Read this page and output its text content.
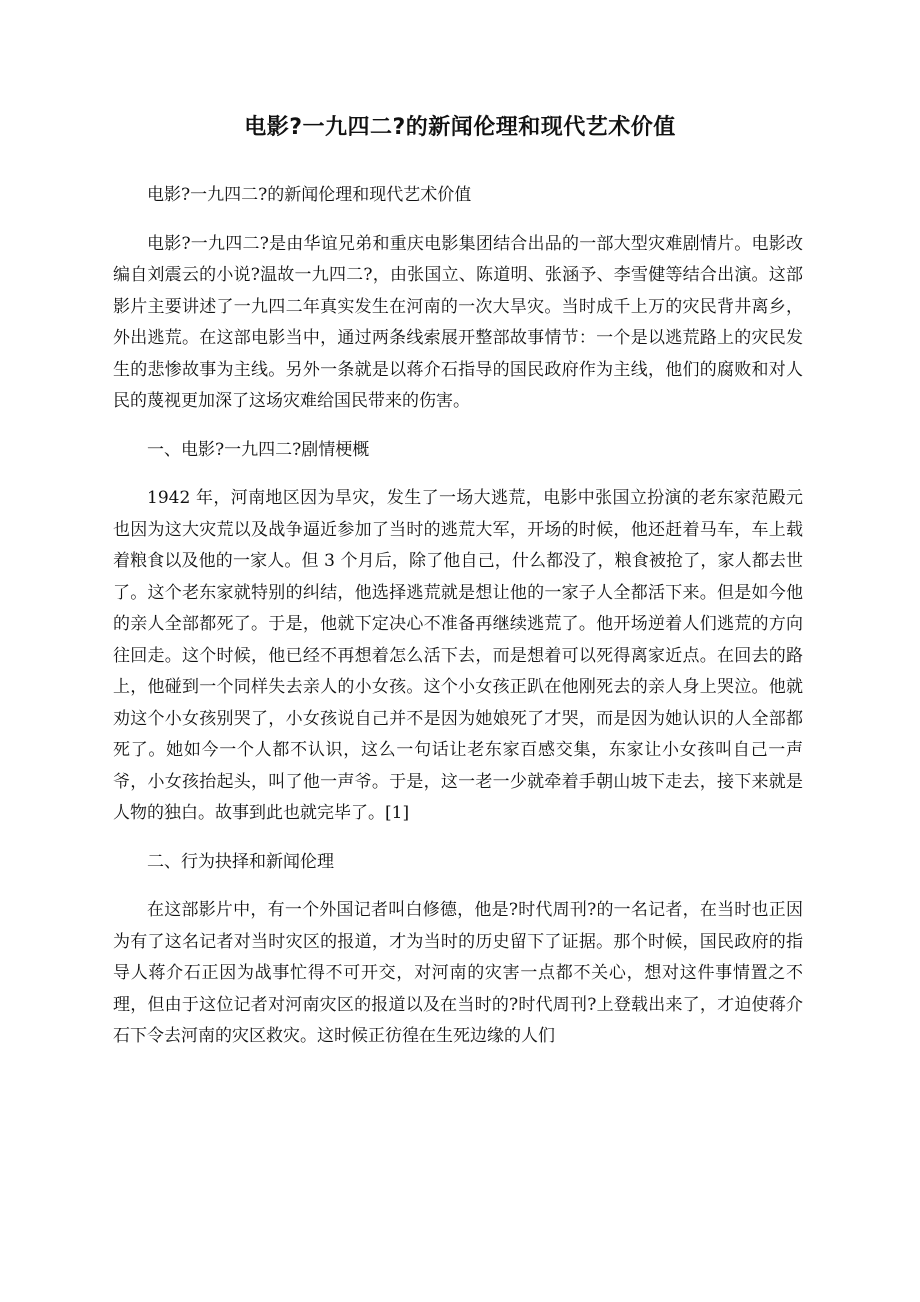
电影?一九四二?的新闻伦理和现代艺术价值

电影?一九四二?的新闻伦理和现代艺术价值

电影?一九四二?是由华谊兄弟和重庆电影集团结合出品的一部大型灾难剧情片。电影改编自刘震云的小说?温故一九四二?，由张国立、陈道明、张涵予、李雪健等结合出演。这部影片主要讲述了一九四二年真实发生在河南的一次大旱灾。当时成千上万的灾民背井离乡，外出逃荒。在这部电影当中，通过两条线索展开整部故事情节：一个是以逃荒路上的灾民发生的悲惨故事为主线。另外一条就是以蒋介石指导的国民政府作为主线，他们的腐败和对人民的蔑视更加深了这场灾难给国民带来的伤害。

一、电影?一九四二?剧情梗概

1942 年，河南地区因为旱灾，发生了一场大逃荒，电影中张国立扮演的老东家范殿元也因为这大灾荒以及战争逼近参加了当时的逃荒大军，开场的时候，他还赶着马车，车上载着粮食以及他的一家人。但 3 个月后，除了他自己，什么都没了，粮食被抢了，家人都去世了。这个老东家就特别的纠结，他选择逃荒就是想让他的一家子人全都活下来。但是如今他的亲人全部都死了。于是，他就下定决心不准备再继续逃荒了。他开场逆着人们逃荒的方向往回走。这个时候，他已经不再想着怎么活下去，而是想着可以死得离家近点。在回去的路上，他碰到一个同样失去亲人的小女孩。这个小女孩正趴在他刚死去的亲人身上哭泣。他就劝这个小女孩别哭了，小女孩说自己并不是因为她娘死了才哭，而是因为她认识的人全部都死了。她如今一个人都不认识，这么一句话让老东家百感交集，东家让小女孩叫自己一声爷，小女孩抬起头，叫了他一声爷。于是，这一老一少就牵着手朝山坡下走去，接下来就是人物的独白。故事到此也就完毕了。[1]

二、行为抉择和新闻伦理

在这部影片中，有一个外国记者叫白修德，他是?时代周刊?的一名记者，在当时也正因为有了这名记者对当时灾区的报道，才为当时的历史留下了证据。那个时候，国民政府的指导人蒋介石正因为战事忙得不可开交，对河南的灾害一点都不关心，想对这件事情置之不理，但由于这位记者对河南灾区的报道以及在当时的?时代周刊?上登载出来了，才迫使蒋介石下令去河南的灾区救灾。这时候正彷徨在生死边缘的人们
